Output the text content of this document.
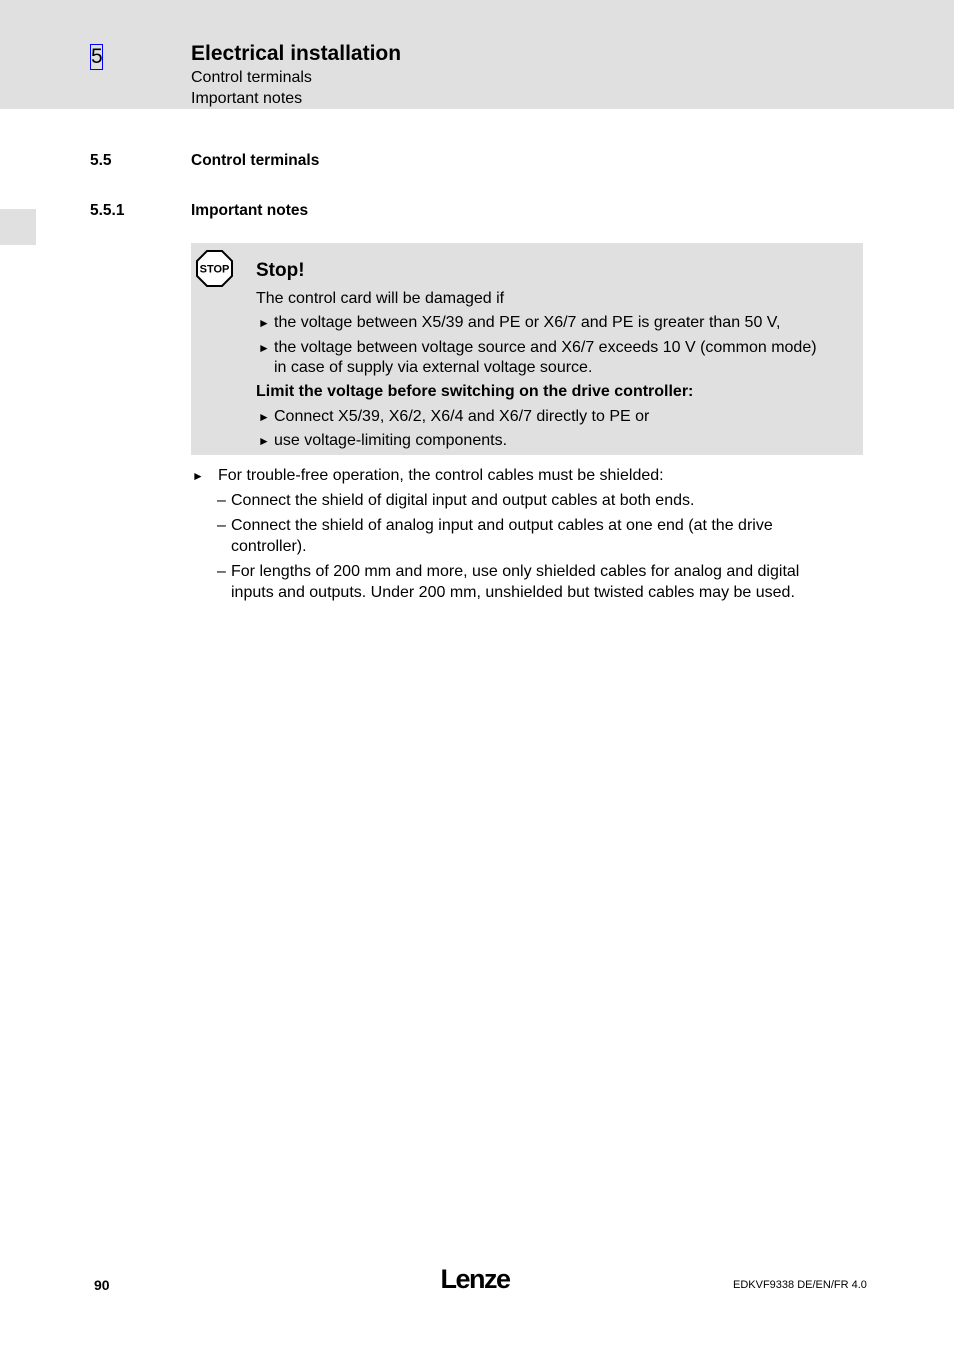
5	Electrical installation
Control terminals
Important notes
5.5	Control terminals
5.5.1	Important notes
STOP Stop!
The control card will be damaged if
► the voltage between X5/39 and PE or X6/7 and PE is greater than 50 V,
► the voltage between voltage source and X6/7 exceeds 10 V (common mode)
in case of supply via external voltage source.
Limit the voltage before switching on the drive controller:
► Connect X5/39, X6/2, X6/4 and X6/7 directly to PE or
► use voltage-limiting components.
► For trouble-free operation, the control cables must be shielded:
– Connect the shield of digital input and output cables at both ends.
– Connect the shield of analog input and output cables at one end (at the drive
controller).
– For lengths of 200 mm and more, use only shielded cables for analog and digital
inputs and outputs. Under 200 mm, unshielded but twisted cables may be used.
90	Lenze	EDKVF9338 DE/EN/FR 4.0
